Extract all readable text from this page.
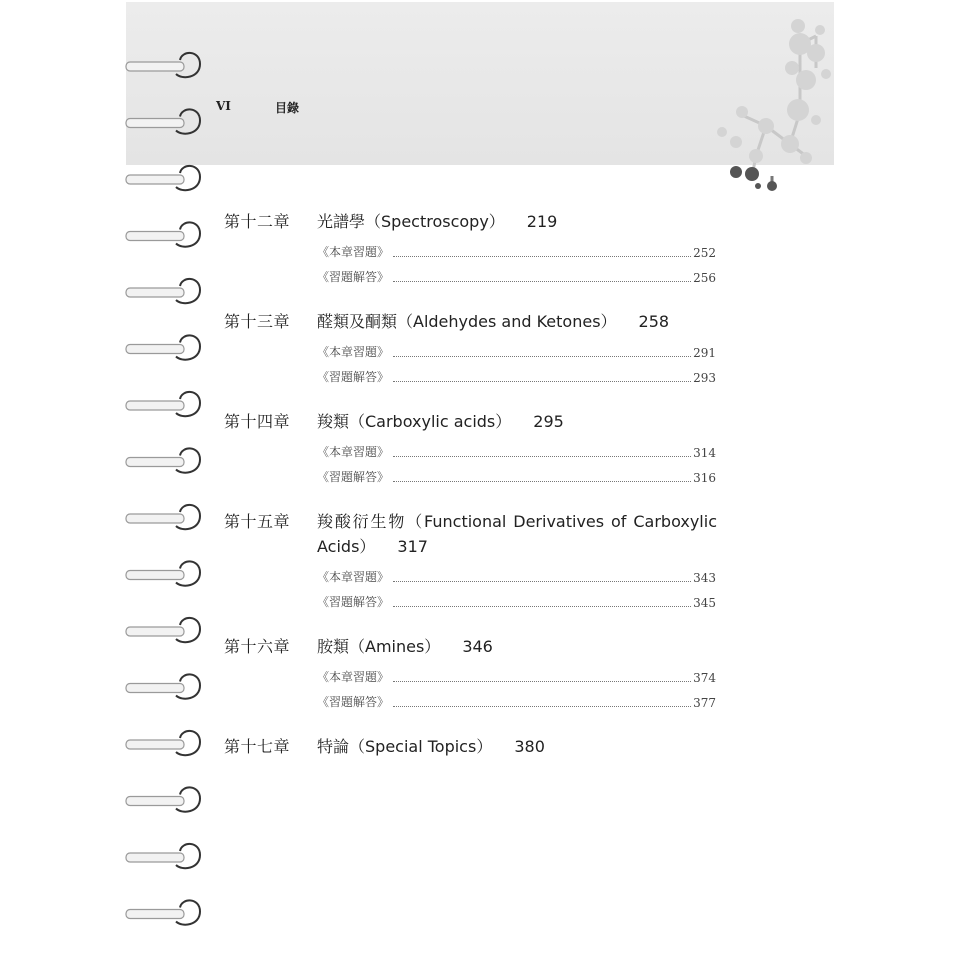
VI	目錄
第十二章 光譜學（Spectroscopy） 219
《本章習題》	252
《習題解答》	256
第十三章 醛類及酮類（Aldehydes and Ketones） 258
《本章習題》	291
《習題解答》	293
第十四章 羧類（Carboxylic acids） 295
《本章習題》	314
《習題解答》	316
第十五章 羧酸衍生物（Functional Derivatives of Carboxylic Acids） 317
《本章習題》	343
《習題解答》	345
第十六章 胺類（Amines） 346
《本章習題》	374
《習題解答》	377
第十七章 特論（Special Topics） 380
